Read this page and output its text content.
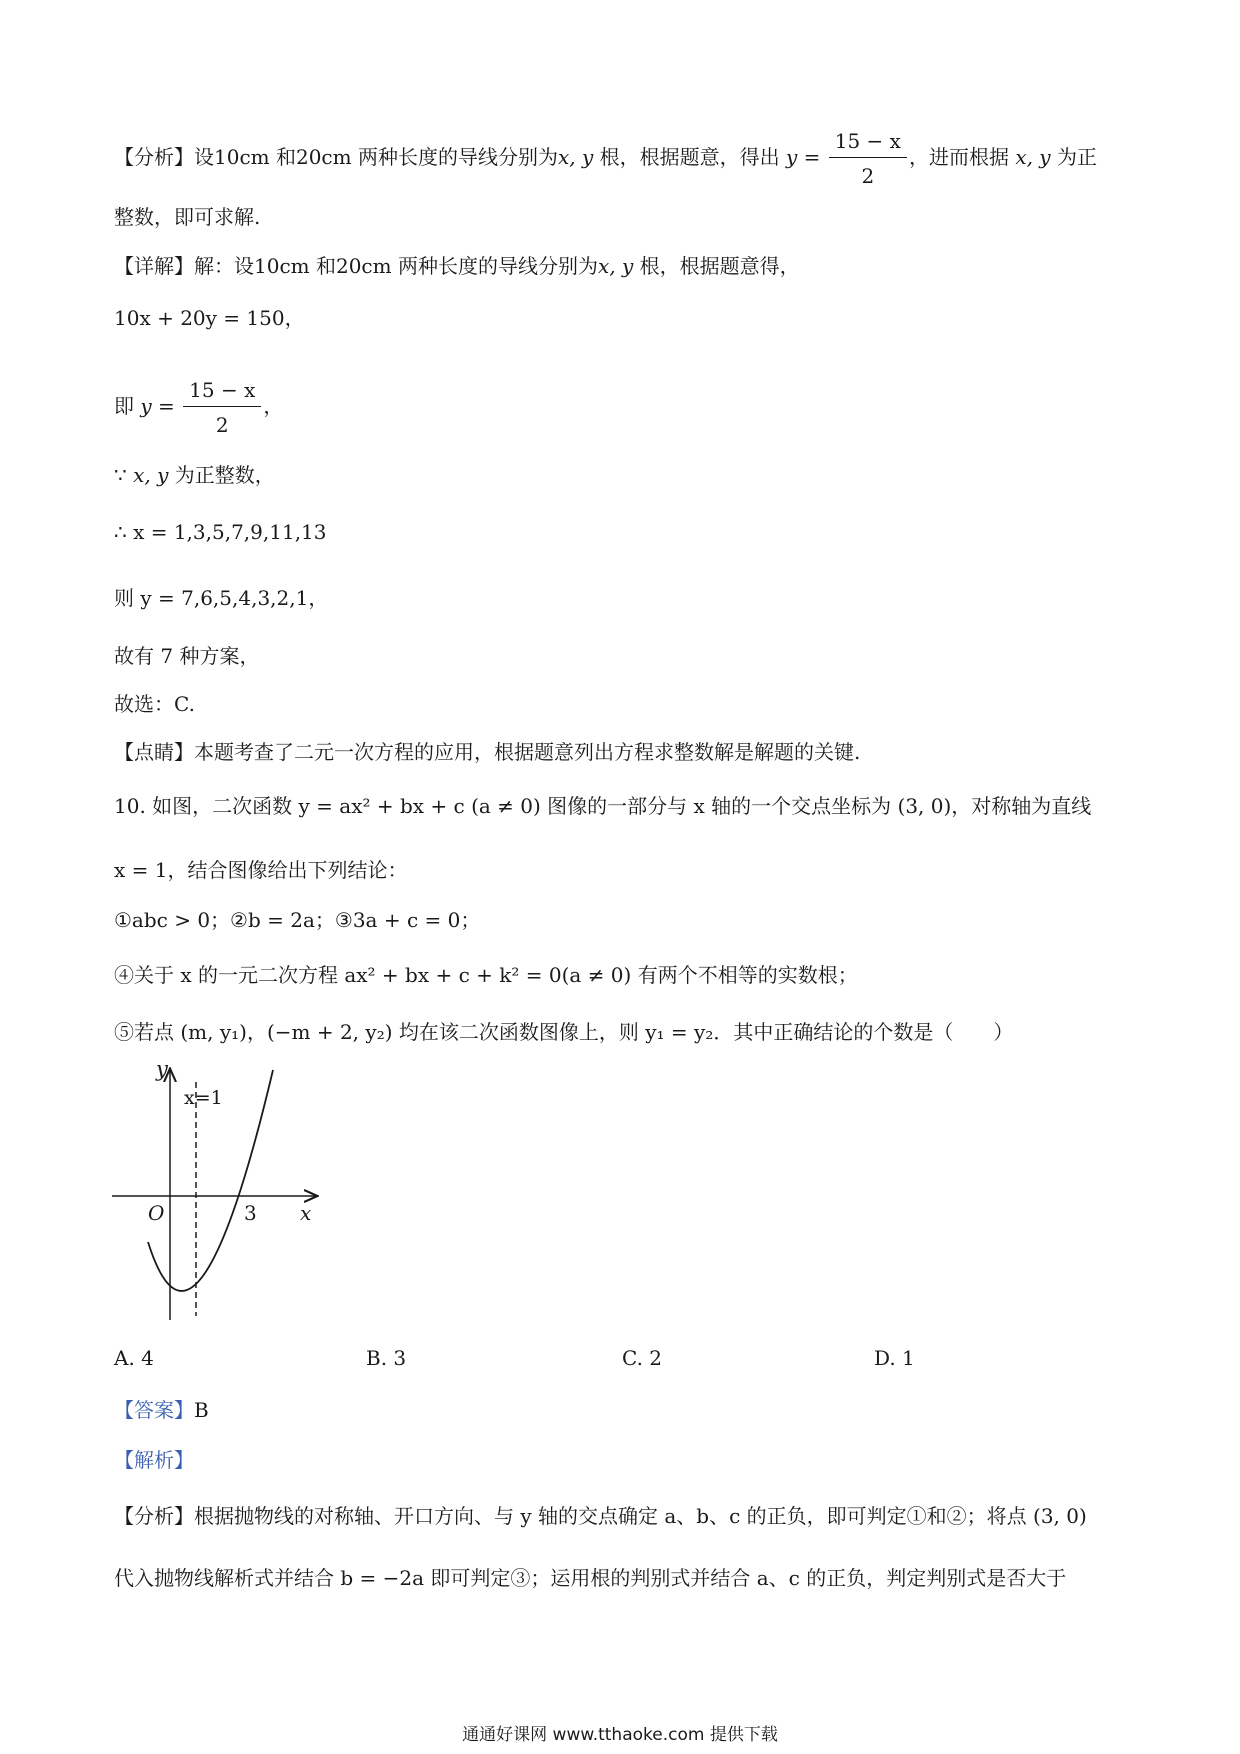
【分析】设10cm 和20cm 两种长度的导线分别为x, y 根，根据题意，得出 $y = \frac{15 - x}{2}$ ，进而根据 x, y 为正
整数，即可求解.
【详解】解：设10cm 和20cm 两种长度的导线分别为x, y 根，根据题意得，
10x + 20y = 150，
即 $y = \frac{15 - x}{2}$ ，
∵ x, y 为正整数，
∴ x = 1,3,5,7,9,11,13
则 y = 7,6,5,4,3,2,1，
故有 7 种方案，
故选：C.
【点睛】本题考查了二元一次方程的应用，根据题意列出方程求整数解是解题的关键.
10. 如图，二次函数 y = ax² + bx + c (a ≠ 0) 图像的一部分与 x 轴的一个交点坐标为 (3, 0)，对称轴为直线
x = 1，结合图像给出下列结论：
①abc > 0；②b = 2a；③3a + c = 0；
④关于 x 的一元二次方程 ax² + bx + c + k² = 0(a ≠ 0) 有两个不相等的实数根；
⑤若点 (m, y₁)，(−m + 2, y₂) 均在该二次函数图像上，则 y₁ = y₂．其中正确结论的个数是（　　）
y
x=1
O	3 x
A. 4	B. 3	C. 2	D. 1
【答案】B
【解析】
【分析】根据抛物线的对称轴、开口方向、与 y 轴的交点确定 a、b、c 的正负，即可判定①和②；将点 (3, 0)
代入抛物线解析式并结合 b = −2a 即可判定③；运用根的判别式并结合 a、c 的正负，判定判别式是否大于
通通好课网 www.tthaoke.com 提供下载
